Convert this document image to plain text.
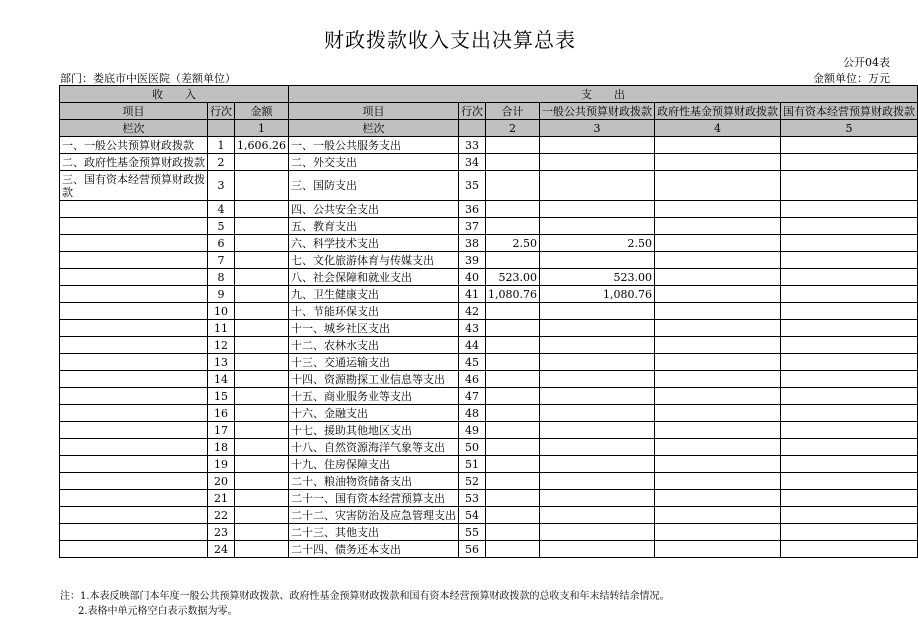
财政拨款收入支出决算总表
公开04表
部门：娄底市中医医院（差额单位）	金额单位：万元
收　　入			支　　出					
项目	行次	金额	项目	行次	合计	一般公共预算财政拨款	政府性基金预算财政拨款	国有资本经营预算财政拨款
栏次		1	栏次		2	3	4	5
一、一般公共预算财政拨款	1	1,606.26	一、一般公共服务支出	33				
二、政府性基金预算财政拨款	2		二、外交支出	34				
三、国有资本经营预算财政拨款	3		三、国防支出	35				
	4		四、公共安全支出	36				
	5		五、教育支出	37				
	6		六、科学技术支出	38	2.50	2.50		
	7		七、文化旅游体育与传媒支出	39				
	8		八、社会保障和就业支出	40	523.00	523.00		
	9		九、卫生健康支出	41	1,080.76	1,080.76		
	10		十、节能环保支出	42				
	11		十一、城乡社区支出	43				
	12		十二、农林水支出	44				
	13		十三、交通运输支出	45				
	14		十四、资源勘探工业信息等支出	46				
	15		十五、商业服务业等支出	47				
	16		十六、金融支出	48				
	17		十七、援助其他地区支出	49				
	18		十八、自然资源海洋气象等支出	50				
	19		十九、住房保障支出	51				
	20		二十、粮油物资储备支出	52				
	21		二十一、国有资本经营预算支出	53				
	22		二十二、灾害防治及应急管理支出	54				
	23		二十三、其他支出	55				
	24		二十四、债务还本支出	56				
注：1.本表反映部门本年度一般公共预算财政拨款、政府性基金预算财政拨款和国有资本经营预算财政拨款的总收支和年末结转结余情况。
2.表格中单元格空白表示数据为零。
